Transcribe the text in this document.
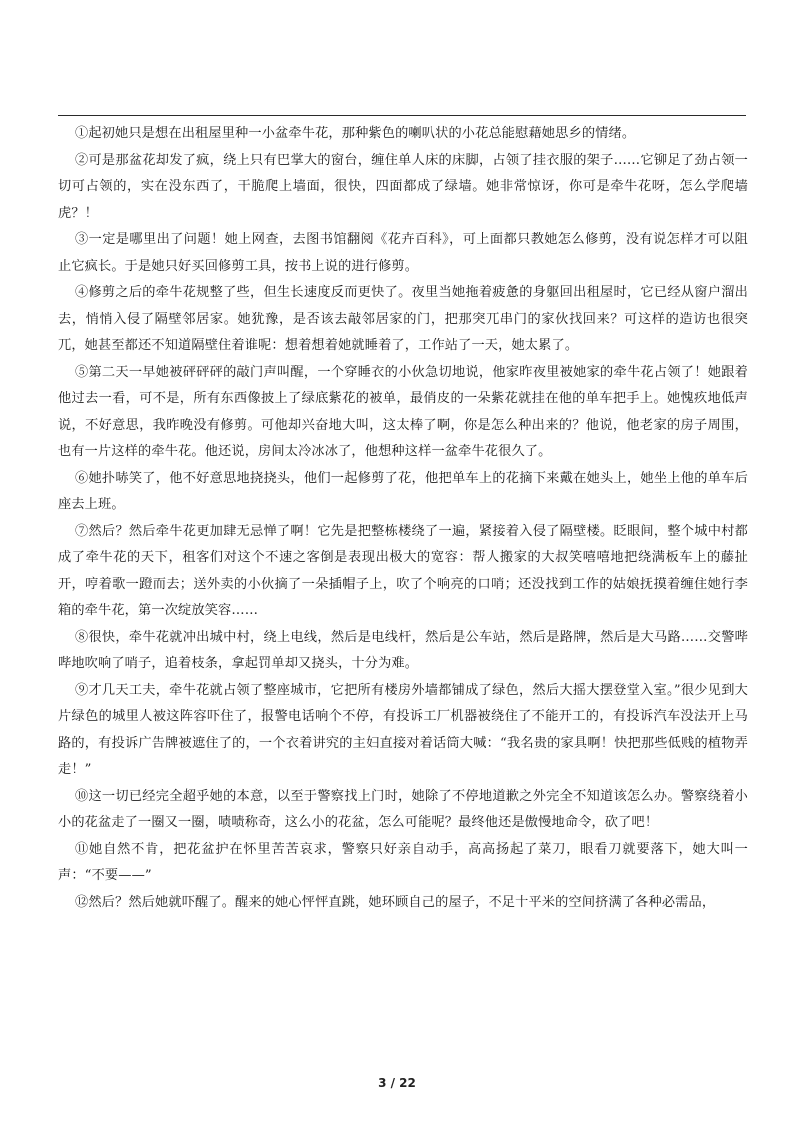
①起初她只是想在出租屋里种一小盆牵牛花，那种紫色的喇叭状的小花总能慰藉她思乡的情绪。

②可是那盆花却发了疯，绕上只有巴掌大的窗台，缠住单人床的床脚，占领了挂衣服的架子……它铆足了劲占领一切可占领的，实在没东西了，干脆爬上墙面，很快，四面都成了绿墙。她非常惊讶，你可是牵牛花呀，怎么学爬墙虎？！

③一定是哪里出了问题！她上网查，去图书馆翻阅《花卉百科》，可上面都只教她怎么修剪，没有说怎样才可以阻止它疯长。于是她只好买回修剪工具，按书上说的进行修剪。

④修剪之后的牵牛花规整了些，但生长速度反而更快了。夜里当她拖着疲惫的身躯回出租屋时，它已经从窗户溜出去，悄悄入侵了隔壁邻居家。她犹豫，是否该去敲邻居家的门，把那突兀串门的家伙找回来？可这样的造访也很突兀，她甚至都还不知道隔壁住着谁呢：想着想着她就睡着了，工作站了一天，她太累了。

⑤第二天一早她被砰砰砰的敲门声叫醒，一个穿睡衣的小伙急切地说，他家昨夜里被她家的牵牛花占领了！她跟着他过去一看，可不是，所有东西像披上了绿底紫花的被单，最俏皮的一朵紫花就挂在他的单车把手上。她愧疚地低声说，不好意思，我昨晚没有修剪。可他却兴奋地大叫，这太棒了啊，你是怎么种出来的？他说，他老家的房子周围，也有一片这样的牵牛花。他还说，房间太冷冰冰了，他想种这样一盆牵牛花很久了。

⑥她扑哧笑了，他不好意思地挠挠头，他们一起修剪了花，他把单车上的花摘下来戴在她头上，她坐上他的单车后座去上班。

⑦然后？然后牵牛花更加肆无忌惮了啊！它先是把整栋楼绕了一遍，紧接着入侵了隔壁楼。眨眼间，整个城中村都成了牵牛花的天下，租客们对这个不速之客倒是表现出极大的宽容：帮人搬家的大叔笑嘻嘻地把绕满板车上的藤扯开，哼着歌一蹬而去；送外卖的小伙摘了一朵插帽子上，吹了个响亮的口哨；还没找到工作的姑娘抚摸着缠住她行李箱的牵牛花，第一次绽放笑容……

⑧很快，牵牛花就冲出城中村，绕上电线，然后是电线杆，然后是公车站，然后是路牌，然后是大马路……交警哔哔地吹响了哨子，追着枝条，拿起罚单却又挠头，十分为难。

⑨才几天工夫，牵牛花就占领了整座城市，它把所有楼房外墙都铺成了绿色，然后大摇大摆登堂入室。”很少见到大片绿色的城里人被这阵容吓住了，报警电话响个不停，有投诉工厂机器被绕住了不能开工的，有投诉汽车没法开上马路的，有投诉广告牌被遮住了的，一个衣着讲究的主妇直接对着话筒大喊：“我名贵的家具啊！快把那些低贱的植物弄走！”

⑩这一切已经完全超乎她的本意，以至于警察找上门时，她除了不停地道歉之外完全不知道该怎么办。警察绕着小小的花盆走了一圈又一圈，啧啧称奇，这么小的花盆，怎么可能呢？最终他还是傲慢地命令，砍了吧！

⑪她自然不肯，把花盆护在怀里苦苦哀求，警察只好亲自动手，高高扬起了菜刀，眼看刀就要落下，她大叫一声：“不要——”

⑫然后？然后她就吓醒了。醒来的她心怦怦直跳，她环顾自己的屋子，不足十平米的空间挤满了各种必需品，

3 / 22
